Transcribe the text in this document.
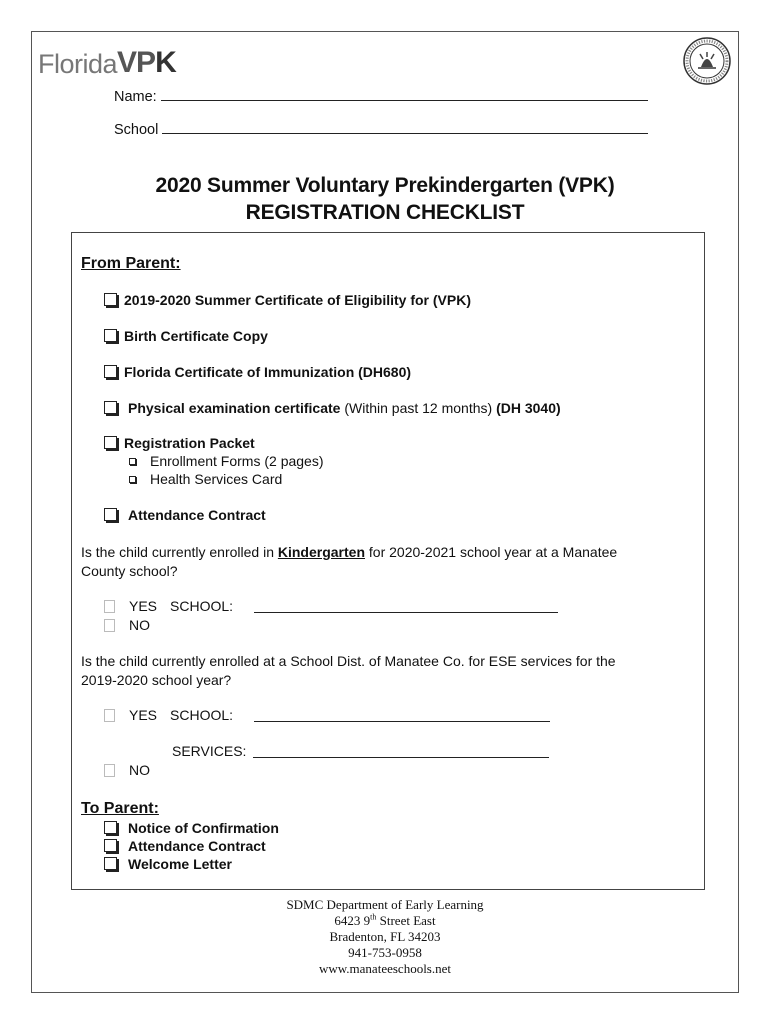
Florida VP K
Name:
School
2020 Summer Voluntary Prekindergarten (VPK)
REGISTRATION CHECKLIST
From Parent:
2019-2020 Summer Certificate of Eligibility for (VPK)
Birth Certificate Copy
Florida Certificate of Immunization (DH680)
Physical examination certificate
(Within past 12 months)
(DH 3040)
Registration Packet
Enrollment Forms (2 pages)
Health Services Card
Attendance Contract
Is the child currently enrolled in Kindergarten for 2020-2021 school year at a Manatee
County school?
YES SCHOOL:
NO
Is the child currently enrolled at a School Dist. of Manatee Co. for ESE services for the
2019-2020 school year?
YES SCHOOL:
SERVICES:
NO
To Parent:
Notice of Confirmation
Attendance Contract
Welcome Letter
SDMC Department of Early Learning
6423 9th Street East
Bradenton, FL 34203
941-753-0958
www.manateeschools.net
